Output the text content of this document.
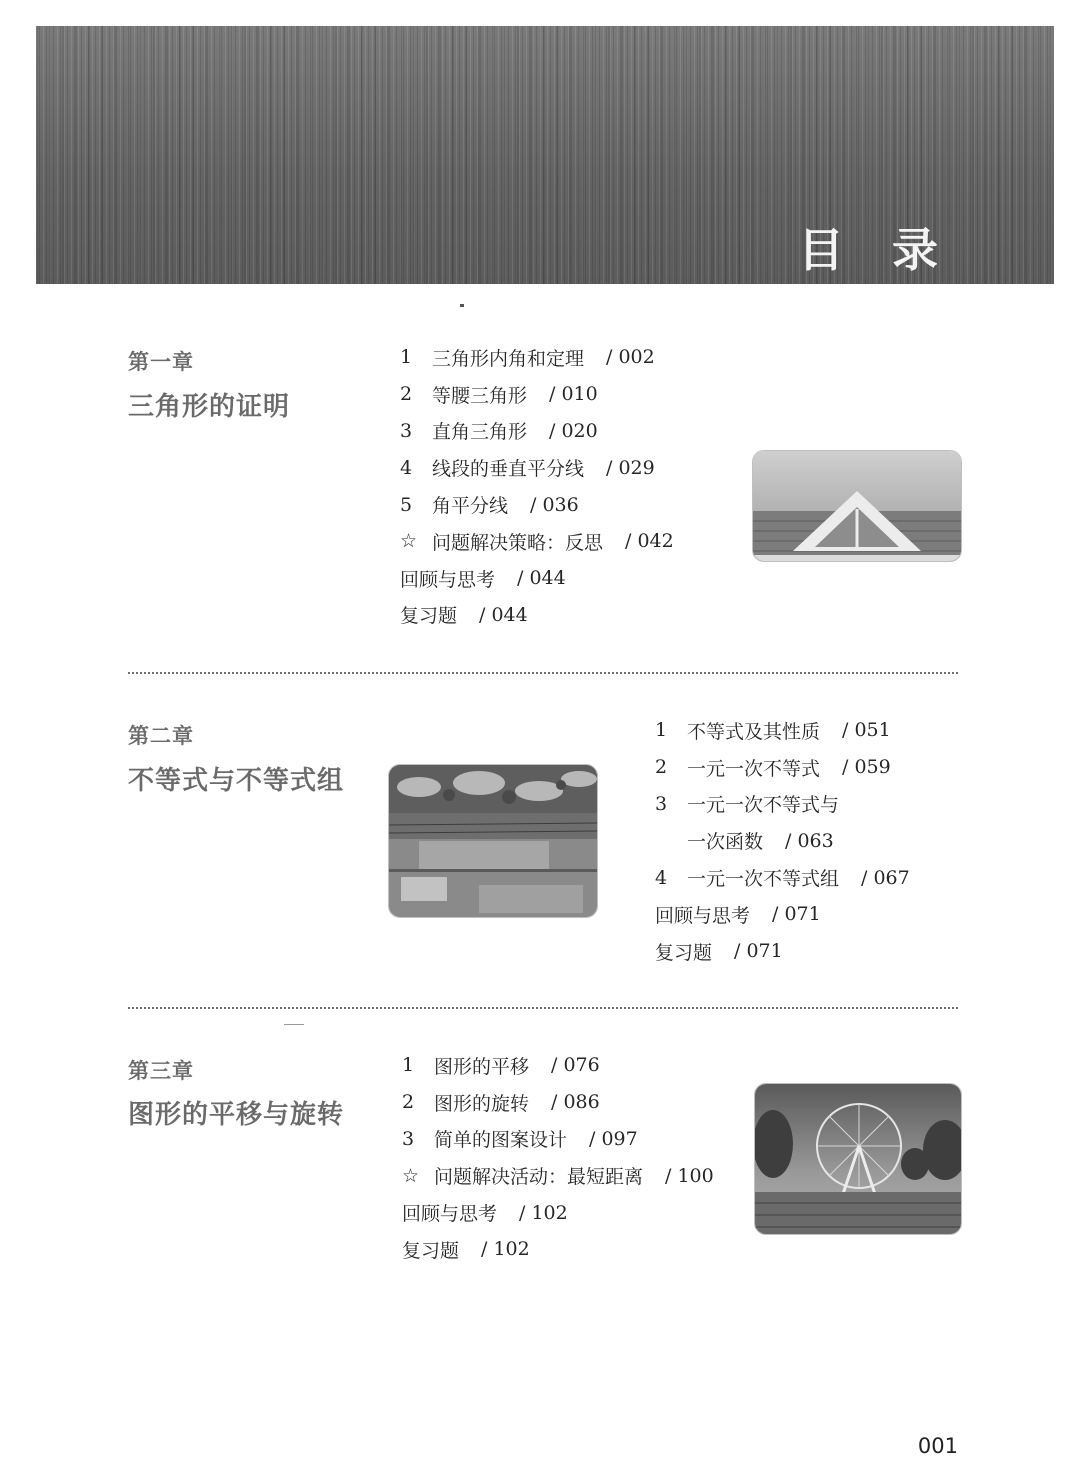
目 录
第一章
三角形的证明
1	三角形内角和定理 / 002
2	等腰三角形 / 010
3	直角三角形 / 020
4	线段的垂直平分线 / 029
5	角平分线 / 036
☆ 问题解决策略：反思 / 042
回顾与思考 / 044
复习题 / 044
第二章
不等式与不等式组
1	不等式及其性质 / 051
2	一元一次不等式 / 059
3	一元一次不等式与
一次函数 / 063
4	一元一次不等式组 / 067
回顾与思考 / 071
复习题 / 071
第三章
图形的平移与旋转
1	图形的平移 / 076
2	图形的旋转 / 086
3	简单的图案设计 / 097
☆ 问题解决活动：最短距离 / 100
回顾与思考 / 102
复习题 / 102
001
